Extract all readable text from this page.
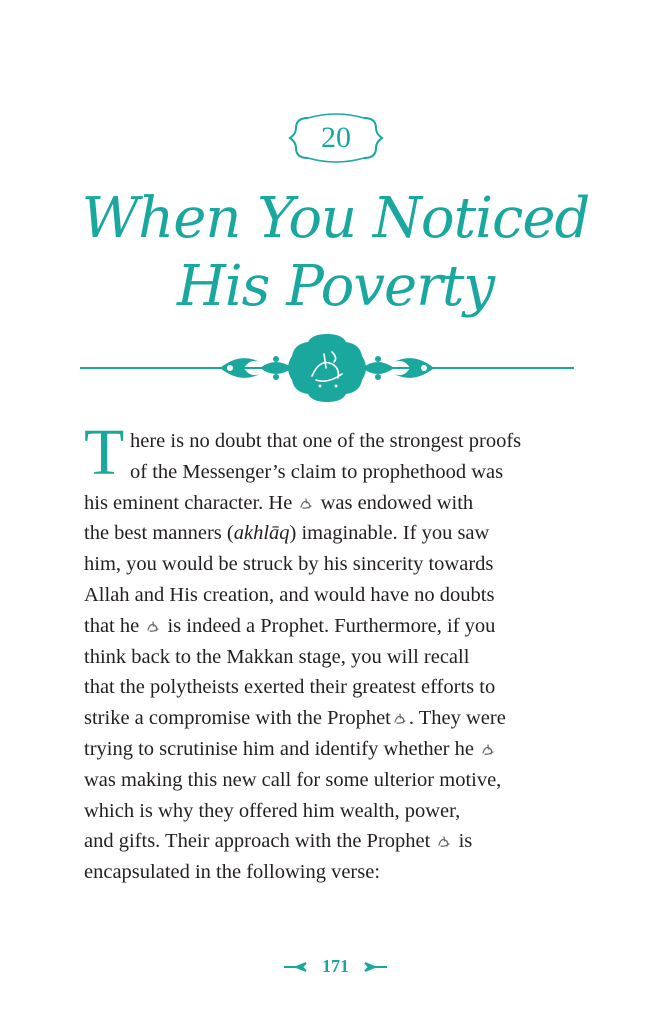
20
When You Noticed
His Poverty
T here is no doubt that one of the strongest proofs
of the Messenger’s claim to prophethood was
his eminent character. He was endowed with
the best manners (akhlāq) imaginable. If you saw
him, you would be struck by his sincerity towards
Allah and His creation, and would have no doubts
that he is indeed a Prophet. Furthermore, if you
think back to the Makkan stage, you will recall
that the polytheists exerted their greatest efforts to
strike a compromise with the Prophet . They were
trying to scrutinise him and identify whether he
was making this new call for some ulterior motive,
which is why they offered him wealth, power,
and gifts. Their approach with the Prophet is
encapsulated in the following verse:
171
